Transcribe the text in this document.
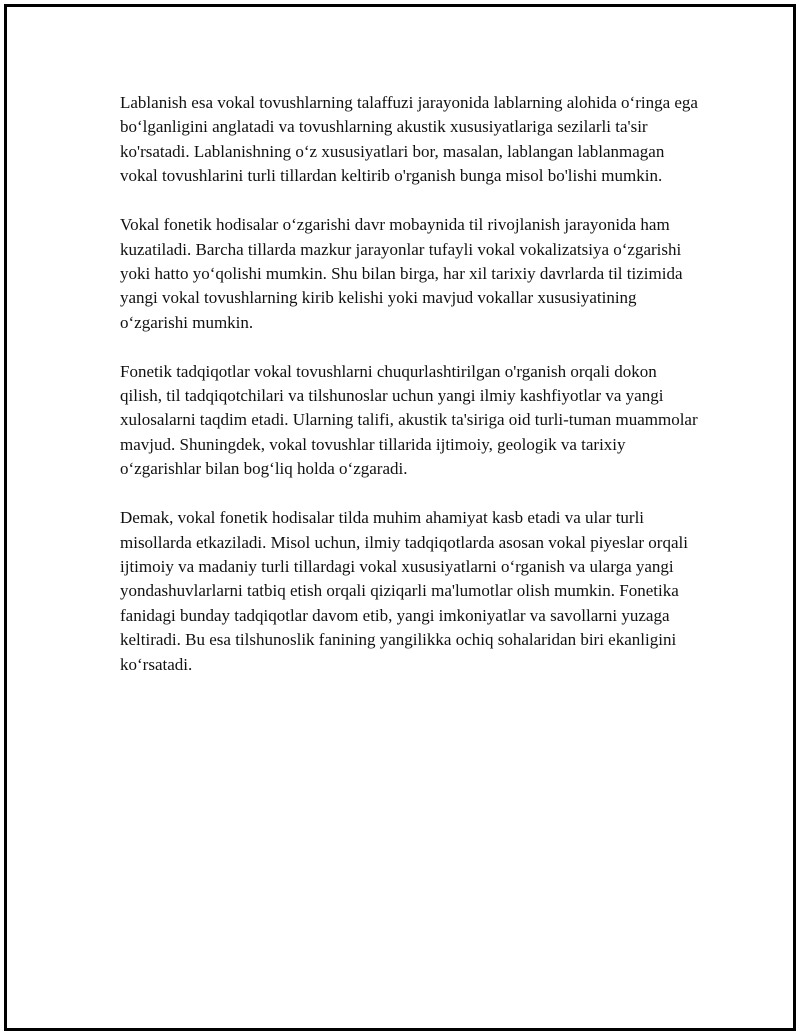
Lablanish esa vokal tovushlarning talaffuzi jarayonida lablarning alohida o‘ringa ega bo‘lganligini anglatadi va tovushlarning akustik xususiyatlariga sezilarli ta'sir ko'rsatadi. Lablanishning o‘z xususiyatlari bor, masalan, lablangan lablanmagan vokal tovushlarini turli tillardan keltirib o'rganish bunga misol bo'lishi mumkin.

Vokal fonetik hodisalar o‘zgarishi davr mobaynida til rivojlanish jarayonida ham kuzatiladi. Barcha tillarda mazkur jarayonlar tufayli vokal vokalizatsiya o‘zgarishi yoki hatto yo‘qolishi mumkin. Shu bilan birga, har xil tarixiy davrlarda til tizimida yangi vokal tovushlarning kirib kelishi yoki mavjud vokallar xususiyatining o‘zgarishi mumkin.

Fonetik tadqiqotlar vokal tovushlarni chuqurlashtirilgan o'rganish orqali dokon qilish, til tadqiqotchilari va tilshunoslar uchun yangi ilmiy kashfiyotlar va yangi xulosalarni taqdim etadi. Ularning talifi, akustik ta'siriga oid turli-tuman muammolar mavjud. Shuningdek, vokal tovushlar tillarida ijtimoiy, geologik va tarixiy o‘zgarishlar bilan bog‘liq holda o‘zgaradi.

Demak, vokal fonetik hodisalar tilda muhim ahamiyat kasb etadi va ular turli misollarda etkaziladi. Misol uchun, ilmiy tadqiqotlarda asosan vokal piyeslar orqali ijtimoiy va madaniy turli tillardagi vokal xususiyatlarni o‘rganish va ularga yangi yondashuvlarlarni tatbiq etish orqali qiziqarli ma'lumotlar olish mumkin. Fonetika fanidagi bunday tadqiqotlar davom etib, yangi imkoniyatlar va savollarni yuzaga keltiradi. Bu esa tilshunoslik fanining yangilikka ochiq sohalaridan biri ekanligini ko‘rsatadi.
